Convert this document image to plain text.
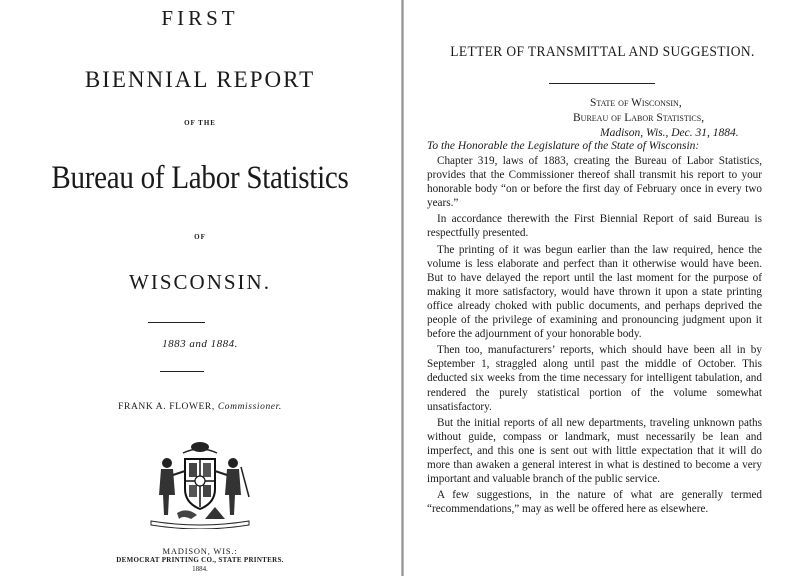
FIRST
BIENNIAL REPORT
OF THE
Bureau of Labor Statistics
OF
WISCONSIN.
1883 and 1884.
FRANK A. FLOWER, Commissioner.
MADISON, WIS.:
DEMOCRAT PRINTING CO., STATE PRINTERS.
1884.
LETTER OF TRANSMITTAL AND SUGGESTION.
State of Wisconsin,
Bureau of Labor Statistics,
Madison, Wis., Dec. 31, 1884.
To the Honorable the Legislature of the State of Wisconsin:

Chapter 319, laws of 1883, creating the Bureau of Labor Statistics, provides that the Commissioner thereof shall transmit his report to your honorable body “on or before the first day of February once in every two years.”

In accordance therewith the First Biennial Report of said Bureau is respectfully presented.

The printing of it was begun earlier than the law required, hence the volume is less elaborate and perfect than it otherwise would have been. But to have delayed the report until the last moment for the purpose of making it more satisfactory, would have thrown it upon a state printing office already choked with public documents, and perhaps deprived the people of the privilege of examining and pronouncing judgment upon it before the adjournment of your honorable body.

Then too, manufacturers’ reports, which should have been all in by September 1, straggled along until past the middle of October. This deducted six weeks from the time necessary for intelligent tabulation, and rendered the purely statistical portion of the volume somewhat unsatisfactory.

But the initial reports of all new departments, traveling unknown paths without guide, compass or landmark, must necessarily be lean and imperfect, and this one is sent out with little expectation that it will do more than awaken a general interest in what is destined to become a very important and valuable branch of the public service.

A few suggestions, in the nature of what are generally termed “recommendations,” may as well be offered here as elsewhere.
